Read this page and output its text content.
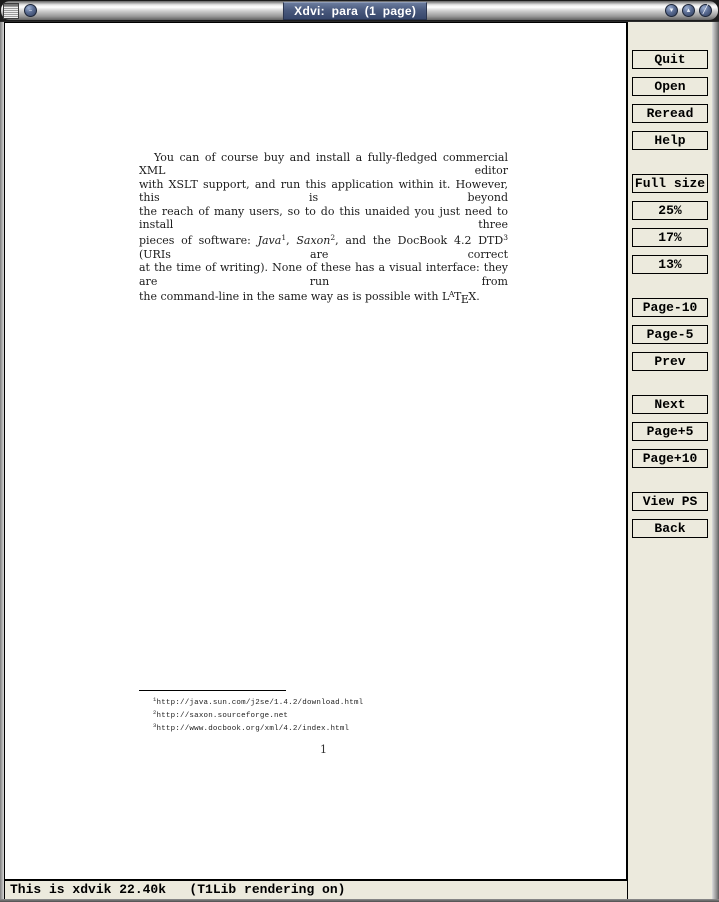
–	Xdvi: para (1 page)	▾	▴	╱
You can of course buy and install a fully-fledged commercial XML editor
with XSLT support, and run this application within it. However, this is beyond
the reach of many users, so to do this unaided you just need to install three
pieces of software: Java$^1$, Saxon$^2$, and the DocBook 4.2 DTD$^3$ (URIs are correct
at the time of writing). None of these has a visual interface: they are run from
the command-line in the same way as is possible with $L^ATEX$.
$^1$http://java.sun.com/j2se/1.4.2/download.html
$^2$http://saxon.sourceforge.net
$^3$http://www.docbook.org/xml/4.2/index.html
1
Quit
Open
Reread
Help
Full size
25%
17%
13%
Page-10
Page-5
Prev
Next
Page+5
Page+10
View PS
Back
This is xdvik 22.40k   (T1Lib rendering on)
